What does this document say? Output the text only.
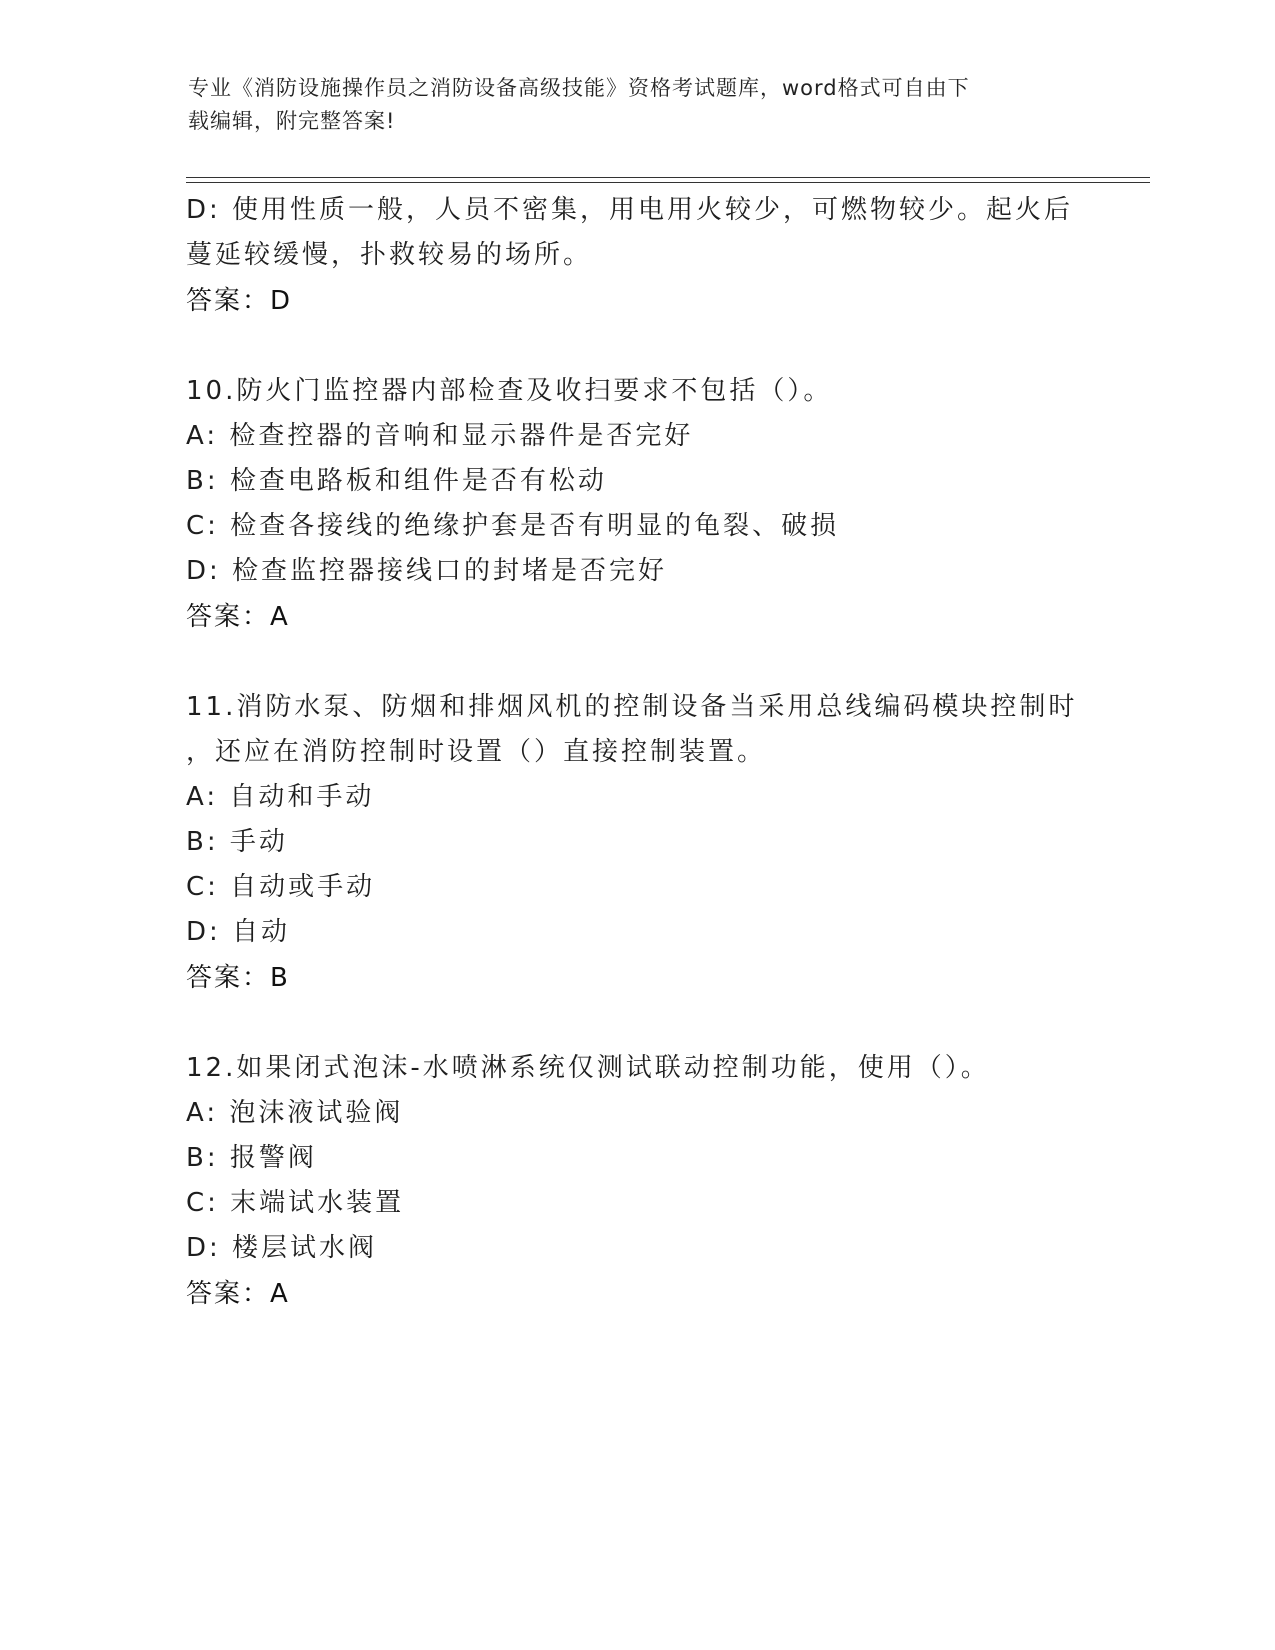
专业《消防设施操作员之消防设备高级技能》资格考试题库，word格式可自由下
载编辑，附完整答案!
D: 使用性质一般，人员不密集，用电用火较少，可燃物较少。起火后
蔓延较缓慢，扑救较易的场所。
答案：D
10.防火门监控器内部检查及收扫要求不包括（）。
A: 检查控器的音响和显示器件是否完好
B: 检查电路板和组件是否有松动
C: 检查各接线的绝缘护套是否有明显的龟裂、破损
D: 检查监控器接线口的封堵是否完好
答案：A
11.消防水泵、防烟和排烟风机的控制设备当采用总线编码模块控制时
，还应在消防控制时设置（）直接控制装置。
A: 自动和手动
B: 手动
C: 自动或手动
D: 自动
答案：B
12.如果闭式泡沫-水喷淋系统仅测试联动控制功能，使用（）。
A: 泡沫液试验阀
B: 报警阀
C: 末端试水装置
D: 楼层试水阀
答案：A
